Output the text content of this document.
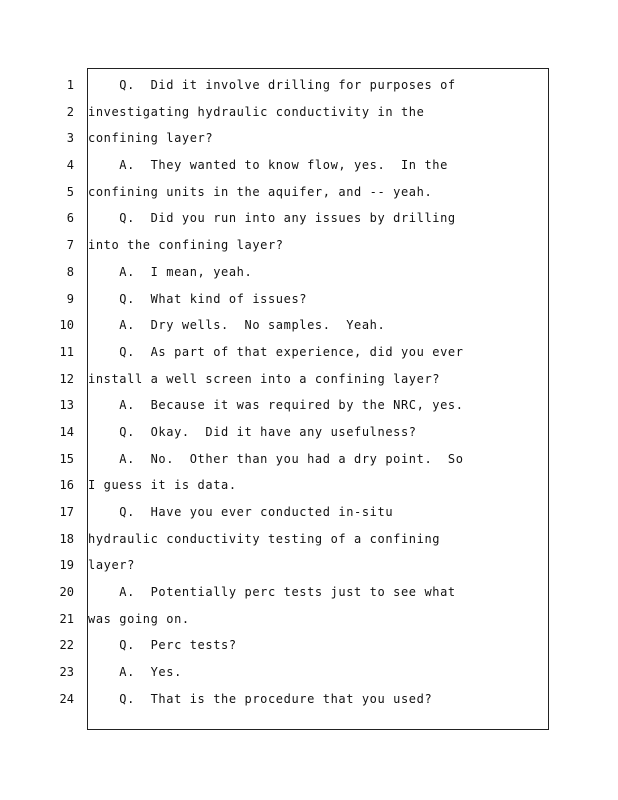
1
2
3
4
5
6
7
8
9
10
11
12
13
14
15
16
17
18
19
20
21
22
23
24
Q.  Did it involve drilling for purposes of
investigating hydraulic conductivity in the
confining layer?
A.  They wanted to know flow, yes.  In the
confining units in the aquifer, and -- yeah.
Q.  Did you run into any issues by drilling
into the confining layer?
A.  I mean, yeah.
Q.  What kind of issues?
A.  Dry wells.  No samples.  Yeah.
Q.  As part of that experience, did you ever
install a well screen into a confining layer?
A.  Because it was required by the NRC, yes.
Q.  Okay.  Did it have any usefulness?
A.  No.  Other than you had a dry point.  So
I guess it is data.
Q.  Have you ever conducted in-situ
hydraulic conductivity testing of a confining
layer?
A.  Potentially perc tests just to see what
was going on.
Q.  Perc tests?
A.  Yes.
Q.  That is the procedure that you used?
